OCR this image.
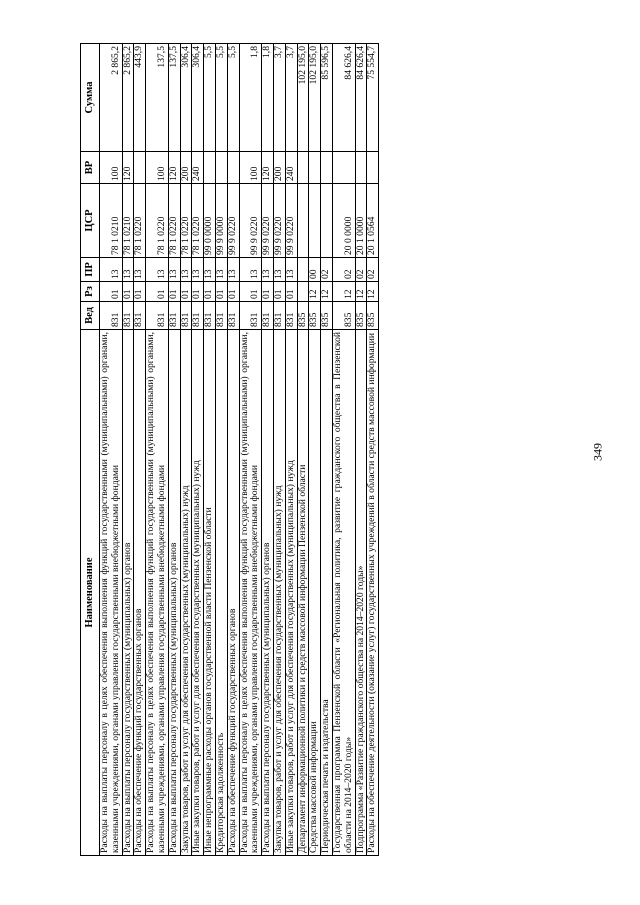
349
Наименование	Вед	Рз	ПР	ЦСР	ВР	Сумма
Расходы на выплаты персоналу в целях обеспечения выполнения функций государственными (муниципальными) органами, казенными учреждениями, органами управления государственными внебюджетными фондами	831	01	13	78 1 0210	100	2 865,2
Расходы на выплаты персоналу государственных (муниципальных) органов	831	01	13	78 1 0210	120	2 865,2
Расходы на обеспечение функций государственных органов	831	01	13	78 1 0220		443,9
Расходы на выплаты персоналу в целях обеспечения выполнения функций государственными (муниципальными) органами, казенными учреждениями, органами управления государственными внебюджетными фондами	831	01	13	78 1 0220	100	137,5
Расходы на выплаты персоналу государственных (муниципальных) органов	831	01	13	78 1 0220	120	137,5
Закупка товаров, работ и услуг для обеспечения государственных (муниципальных) нужд	831	01	13	78 1 0220	200	306,4
Иные закупки товаров, работ и услуг для обеспечения государственных (муниципальных) нужд	831	01	13	78 1 0220	240	306,4
Иные непрограммные расходы органов государственной власти Пензенской области	831	01	13	99 0 0000		5,5
Кредиторская задолженность	831	01	13	99 9 0000		5,5
Расходы на обеспечение функций государственных органов	831	01	13	99 9 0220		5,5
Расходы на выплаты персоналу в целях обеспечения выполнения функций государственными (муниципальными) органами, казенными учреждениями, органами управления государственными внебюджетными фондами	831	01	13	99 9 0220	100	1,8
Расходы на выплаты персоналу государственных (муниципальных) органов	831	01	13	99 9 0220	120	1,8
Закупка товаров, работ и услуг для обеспечения государственных (муниципальных) нужд	831	01	13	99 9 0220	200	3,7
Иные закупки товаров, работ и услуг для обеспечения государственных (муниципальных) нужд	831	01	13	99 9 0220	240	3,7
Департамент информационной политики и средств массовой информации Пензенской области	835					102 195,0
Средства массовой информации	835	12	00			102 195,0
Периодическая печать и издательства	835	12	02			85 596,5
Государственная программа Пензенской области «Региональная политика, развитие гражданского общества в Пензенской области на 2014–2020 годы»	835	12	02	20 0 0000		84 626,4
Подпрограмма «Развитие гражданского общества на 2014–2020 годы»	835	12	02	20 1 0000		84 626,4
Расходы на обеспечение деятельности (оказание услуг) государственных учреждений в области средств массовой информации	835	12	02	20 1 0564		75 554,7
